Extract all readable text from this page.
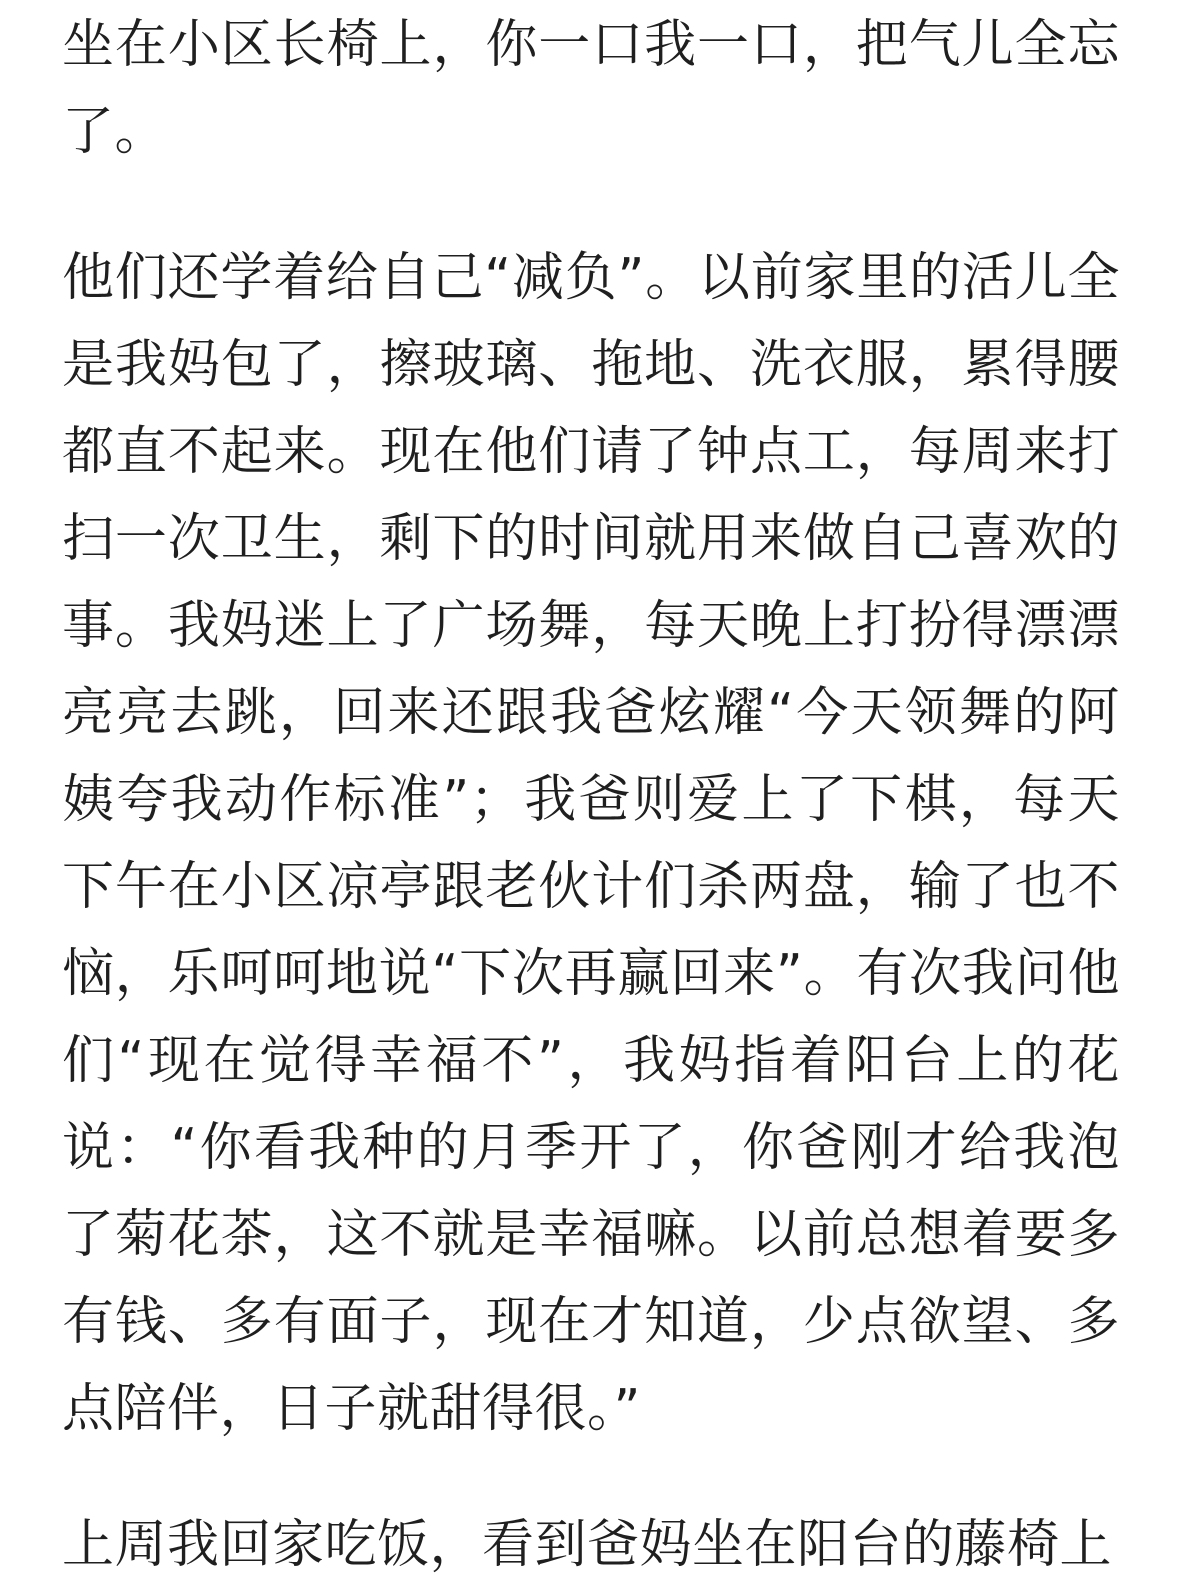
坐在小区长椅上，你一口我一口，把气儿全忘了。

他们还学着给自己“减负”。以前家里的活儿全是我妈包了，擦玻璃、拖地、洗衣服，累得腰都直不起来。现在他们请了钟点工，每周来打扫一次卫生，剩下的时间就用来做自己喜欢的事。我妈迷上了广场舞，每天晚上打扮得漂漂亮亮去跳，回来还跟我爸炫耀“今天领舞的阿姨夸我动作标准”；我爸则爱上了下棋，每天下午在小区凉亭跟老伙计们杀两盘，输了也不恼，乐呵呵地说“下次再赢回来”。有次我问他们“现在觉得幸福不”，我妈指着阳台上的花说：“你看我种的月季开了，你爸刚才给我泡了菊花茶，这不就是幸福嘛。以前总想着要多有钱、多有面子，现在才知道，少点欲望、多点陪伴，日子就甜得很。”

上周我回家吃饭，看到爸妈坐在阳台的藤椅上
